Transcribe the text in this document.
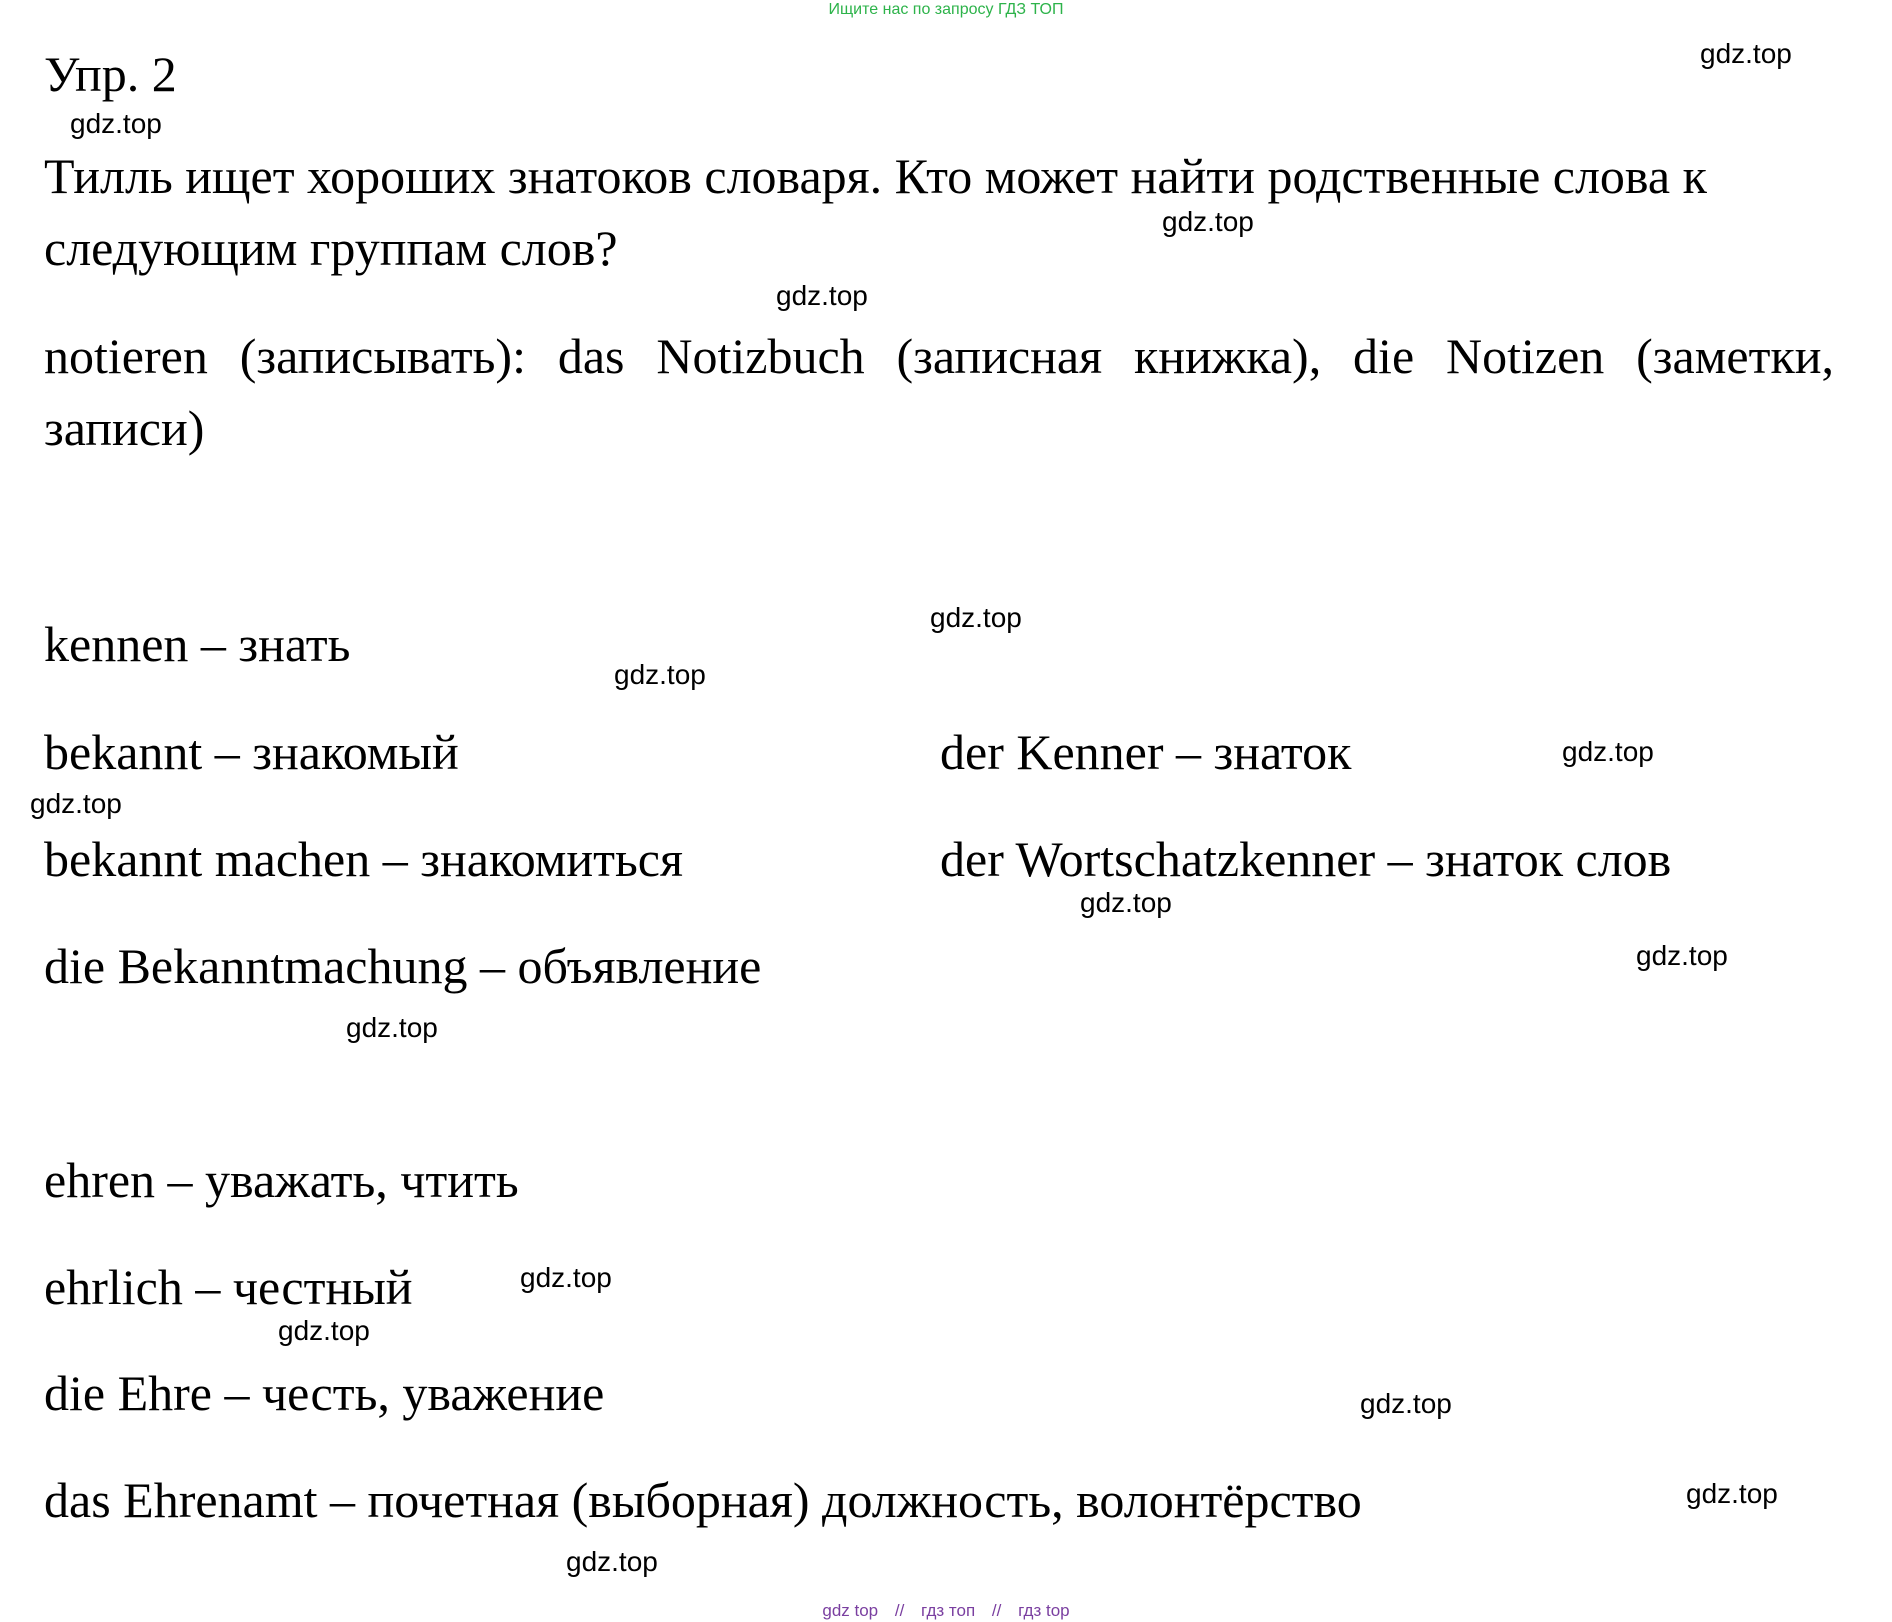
Ищите нас по запросу ГДЗ ТОП
Упр. 2

Тилль ищет хороших знатоков словаря. Кто может найти родственные слова к следующим группам слов?

notieren (записывать): das Notizbuch (записная книжка), die Notizen (заметки, записи)

kennen – знать
bekannt – знакомый
bekannt machen – знакомиться
die Bekanntmachung – объявление
der Kenner – знаток
der Wortschatzkenner – знаток слов
ehren – уважать, чтить
ehrlich – честный
die Ehre – честь, уважение
das Ehrenamt – почетная (выборная) должность, волонтёрство
gdz.top
gdz.top
gdz.top
gdz.top
gdz.top
gdz.top
gdz.top
gdz.top
gdz.top
gdz.top
gdz.top
gdz.top
gdz.top
gdz.top
gdz.top
gdz.top
gdz top // гдз топ // гдз top
